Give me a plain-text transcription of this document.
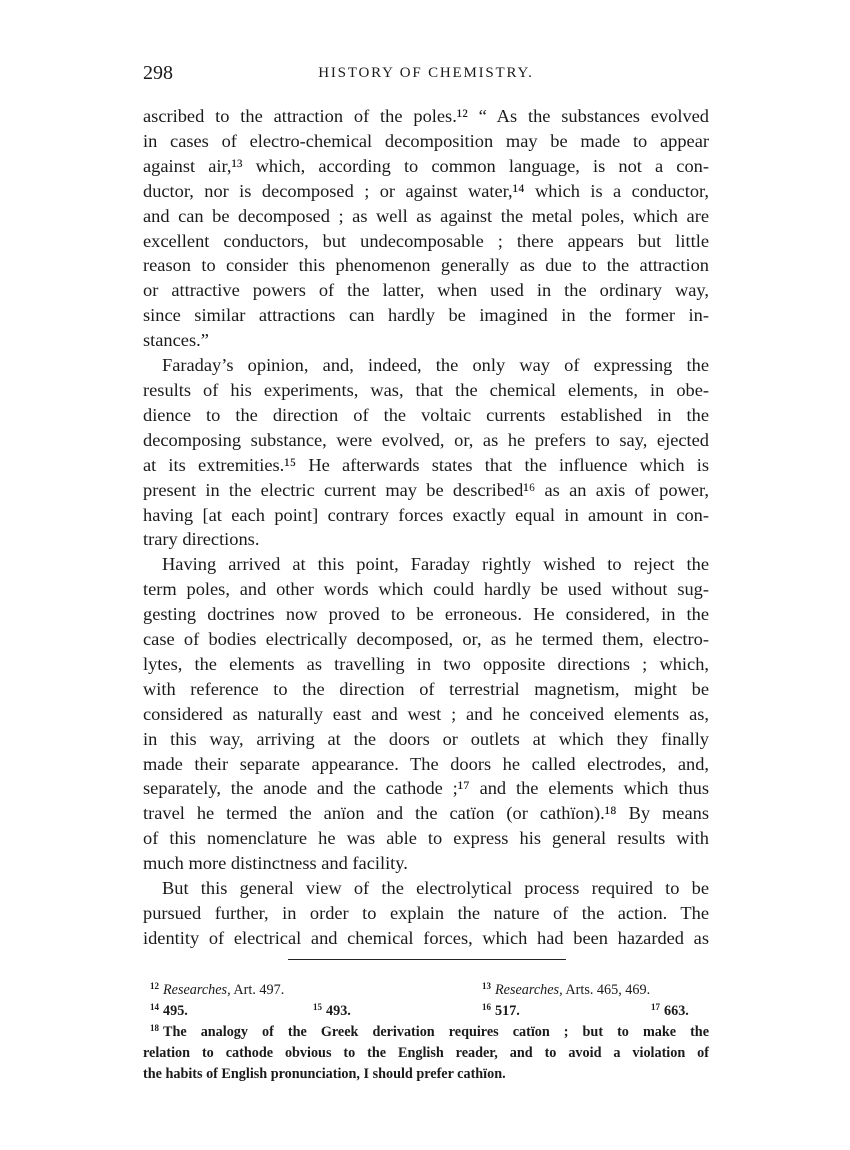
298	HISTORY OF CHEMISTRY.

ascribed to the attraction of the poles.¹² “ As the substances evolved
in cases of electro-chemical decomposition may be made to appear
against air,¹³ which, according to common language, is not a con-
ductor, nor is decomposed ; or against water,¹⁴ which is a conductor,
and can be decomposed ; as well as against the metal poles, which are
excellent conductors, but undecomposable ; there appears but little
reason to consider this phenomenon generally as due to the attraction
or attractive powers of the latter, when used in the ordinary way,
since similar attractions can hardly be imagined in the former in-
stances.”

Faraday’s opinion, and, indeed, the only way of expressing the
results of his experiments, was, that the chemical elements, in obe-
dience to the direction of the voltaic currents established in the
decomposing substance, were evolved, or, as he prefers to say, ejected
at its extremities.¹⁵ He afterwards states that the influence which is
present in the electric current may be described¹⁶ as an axis of power,
having [at each point] contrary forces exactly equal in amount in con-
trary directions.

Having arrived at this point, Faraday rightly wished to reject the
term poles, and other words which could hardly be used without sug-
gesting doctrines now proved to be erroneous. He considered, in the
case of bodies electrically decomposed, or, as he termed them, electro-
lytes, the elements as travelling in two opposite directions ; which,
with reference to the direction of terrestrial magnetism, might be
considered as naturally east and west ; and he conceived elements as,
in this way, arriving at the doors or outlets at which they finally
made their separate appearance. The doors he called electrodes, and,
separately, the anode and the cathode ;¹⁷ and the elements which thus
travel he termed the anïon and the catïon (or cathïon).¹⁸ By means
of this nomenclature he was able to express his general results with
much more distinctness and facility.

But this general view of the electrolytical process required to be
pursued further, in order to explain the nature of the action. The
identity of electrical and chemical forces, which had been hazarded as

$^{12}$ Researches, Art. 497.	$^{13}$ Researches, Arts. 465, 469.
$^{14}$ 495.	$^{15}$ 493.	$^{16}$ 517.	$^{17}$ 663.
$^{18}$ The analogy of the Greek derivation requires catïon ; but to make the
relation to cathode obvious to the English reader, and to avoid a violation of
the habits of English pronunciation, I should prefer cathïon.
